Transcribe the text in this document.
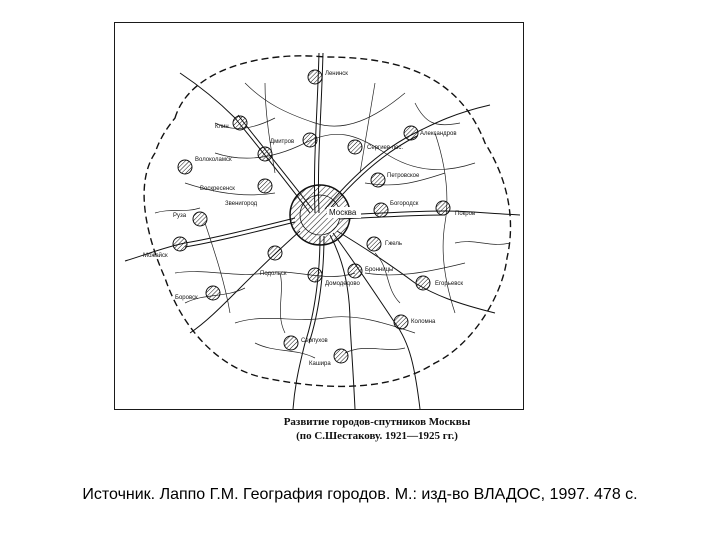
Москва
Ленинск
Клин
Дмитров
Сергиев пос.
Александров
Волоколамск
Воскресенск
Звенигород
Петровское
Богородск
Покров
Руза
Можайск
Гжель
Подольск
Бронницы
Домодедово	Егорьевск
Боровск
Коломна
Серпухов
Кашира
Развитие городов-спутников Москвы
(по С.Шестакову. 1921—1925 гг.)
Источник. Лаппо Г.М. География городов. М.: изд-во ВЛАДОС, 1997. 478 с.
